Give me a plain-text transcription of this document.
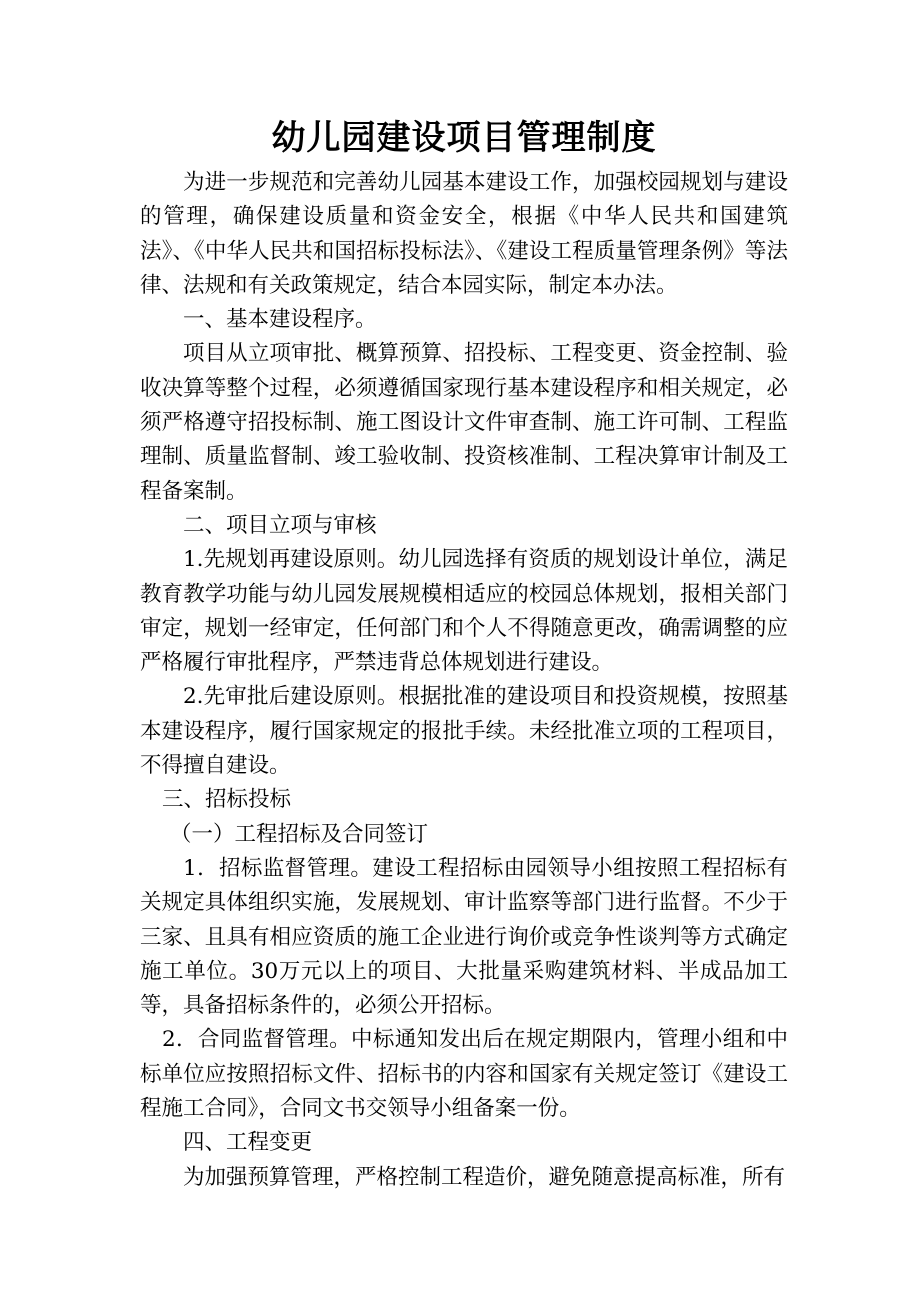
幼儿园建设项目管理制度

为进一步规范和完善幼儿园基本建设工作，加强校园规划与建设的管理，确保建设质量和资金安全，根据《中华人民共和国建筑法》、《中华人民共和国招标投标法》、《建设工程质量管理条例》等法律、法规和有关政策规定，结合本园实际，制定本办法。

一、基本建设程序。

项目从立项审批、概算预算、招投标、工程变更、资金控制、验收决算等整个过程，必须遵循国家现行基本建设程序和相关规定，必须严格遵守招投标制、施工图设计文件审查制、施工许可制、工程监理制、质量监督制、竣工验收制、投资核准制、工程决算审计制及工程备案制。

二、项目立项与审核

1.先规划再建设原则。幼儿园选择有资质的规划设计单位，满足教育教学功能与幼儿园发展规模相适应的校园总体规划，报相关部门审定，规划一经审定，任何部门和个人不得随意更改，确需调整的应严格履行审批程序，严禁违背总体规划进行建设。

2.先审批后建设原则。根据批准的建设项目和投资规模，按照基本建设程序，履行国家规定的报批手续。未经批准立项的工程项目，不得擅自建设。

三、招标投标

（一）工程招标及合同签订

1．招标监督管理。建设工程招标由园领导小组按照工程招标有关规定具体组织实施，发展规划、审计监察等部门进行监督。不少于三家、且具有相应资质的施工企业进行询价或竞争性谈判等方式确定施工单位。30万元以上的项目、大批量采购建筑材料、半成品加工等，具备招标条件的，必须公开招标。

2．合同监督管理。中标通知发出后在规定期限内，管理小组和中标单位应按照招标文件、招标书的内容和国家有关规定签订《建设工程施工合同》，合同文书交领导小组备案一份。

四、工程变更

为加强预算管理，严格控制工程造价，避免随意提高标准，所有
